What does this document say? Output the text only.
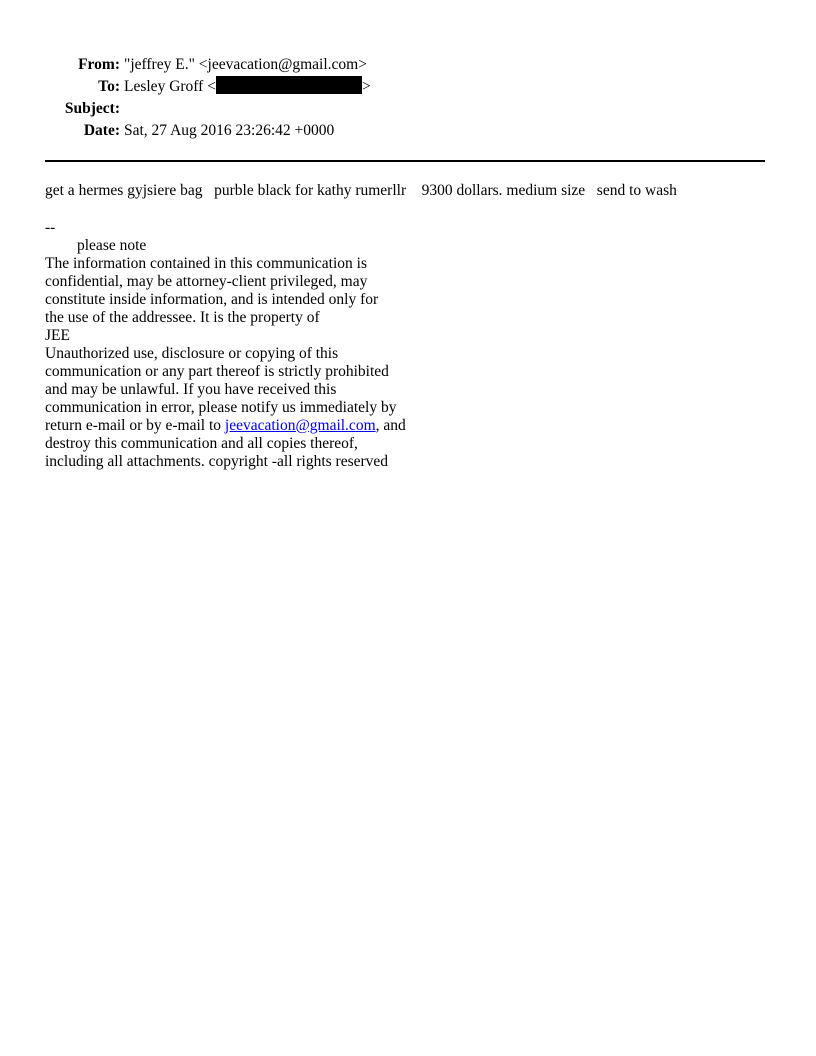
From: "jeffrey E." <jeevacation@gmail.com>
To: Lesley Groff <	>
Subject:
Date: Sat, 27 Aug 2016 23:26:42 +0000
get a hermes gyjsiere bag   purble black for kathy rumerllr    9300 dollars. medium size   send to wash
--
please note
The information contained in this communication is
confidential, may be attorney-client privileged, may
constitute inside information, and is intended only for
the use of the addressee. It is the property of
JEE
Unauthorized use, disclosure or copying of this
communication or any part thereof is strictly prohibited
and may be unlawful. If you have received this
communication in error, please notify us immediately by
return e-mail or by e-mail to jeevacation@gmail.com, and
destroy this communication and all copies thereof,
including all attachments. copyright -all rights reserved
